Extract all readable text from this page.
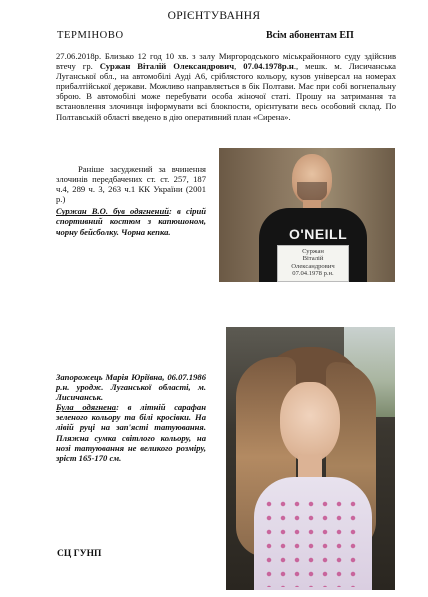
ОРІЄНТУВАННЯ
ТЕРМІНОВО	Всім абонентам ЕП
27.06.2018р. Близько 12 год 10 хв. з залу Миргородського міськрайонного суду здійснив втечу гр. Суржан Віталій Олександрович, 07.04.1978р.н., мешк. м. Лисичанська Луганської обл., на автомобілі Ауді А6, сріблястого кольору, кузов універсал на номерах прибалтійської держави. Можливо направляється в бік Полтави. Має при собі вогнепальну зброю. В автомобілі може перебувати особа жіночої статі. Прошу на затримання та встановлення злочинця інформувати всі блокпости, орієнтувати весь особовий склад. По Полтавській області введено в дію оперативний план «Сирена».
Раніше засуджений за вчинення злочинів передбачених ст. ст. 257, 187 ч.4, 289 ч. 3, 263 ч.1 КК України (2001 р.)
Суржан В.О. був одягнений: в сірий спортивний костюм з капюшоном, чорну бейсболку. Чорна кепка.	O'NEILL
Суржан
Віталій
Олександрович
07.04.1978 р.н.
Запорожець Марія Юріївна, 06.07.1986 р.н. уродж. Луганської області, м. Лисичанськ.
Була одягнена: в літній сарафан зеленого кольору та білі кросівки. На лівій руці на зап'ясті татуювання. Пляжна сумка світлого кольору, на нозі татуювання не великого розміру, зріст 165-170 см.
СЦ ГУНП
